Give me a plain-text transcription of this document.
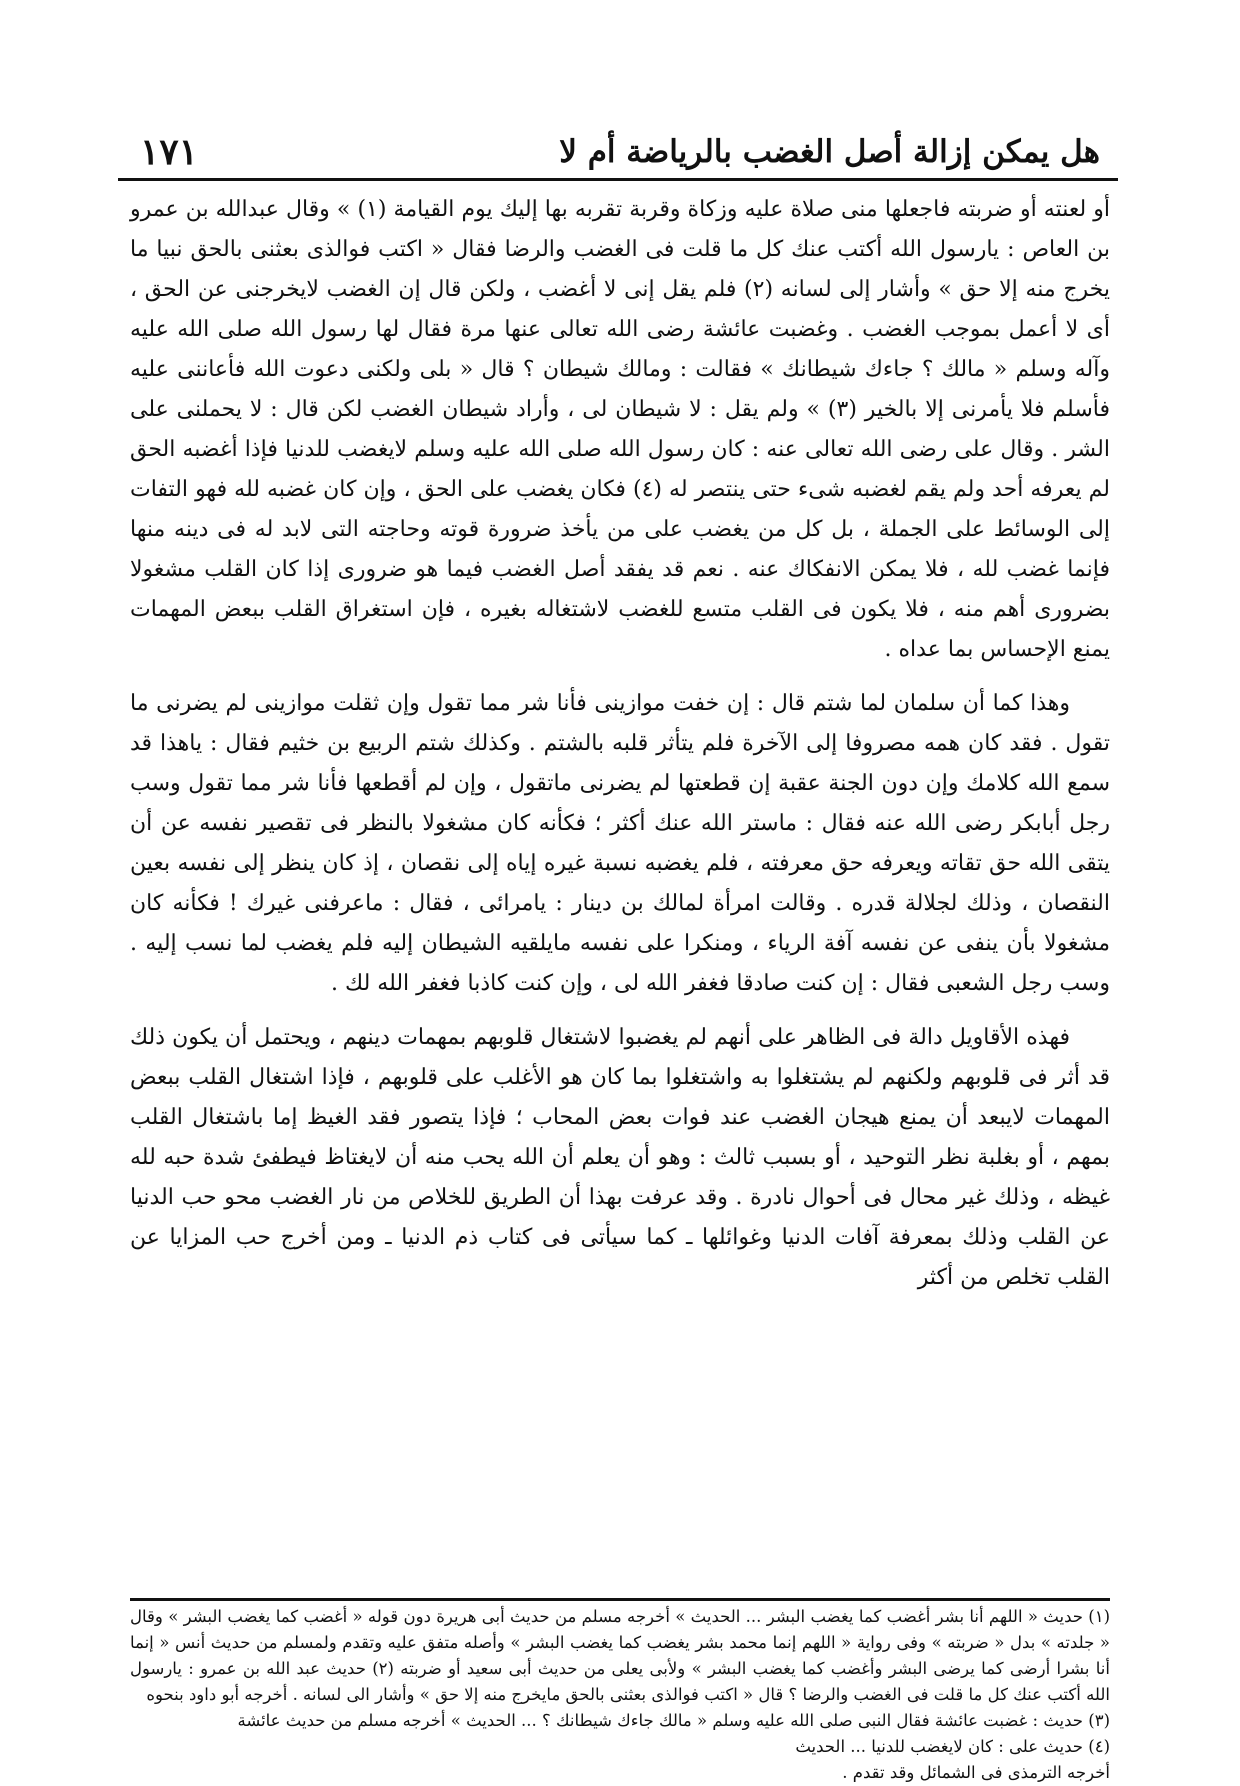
هل يمكن إزالة أصل الغضب بالرياضة أم لا
١٧١

أو لعنته أو ضربته فاجعلها منى صلاة عليه وزكاة وقربة تقربه بها إليك يوم القيامة (١) » وقال عبدالله بن عمرو بن العاص : يارسول الله أكتب عنك كل ما قلت فى الغضب والرضا فقال « اكتب فوالذى بعثنى بالحق نبيا ما يخرج منه إلا حق » وأشار إلى لسانه (٢) فلم يقل إنى لا أغضب ، ولكن قال إن الغضب لايخرجنى عن الحق ، أى لا أعمل بموجب الغضب . وغضبت عائشة رضى الله تعالى عنها مرة فقال لها رسول الله صلى الله عليه وآله وسلم « مالك ؟ جاءك شيطانك » فقالت : ومالك شيطان ؟ قال « بلى ولكنى دعوت الله فأعاننى عليه فأسلم فلا يأمرنى إلا بالخير (٣) » ولم يقل : لا شيطان لى ، وأراد شيطان الغضب لكن قال : لا يحملنى على الشر . وقال على رضى الله تعالى عنه : كان رسول الله صلى الله عليه وسلم لايغضب للدنيا فإذا أغضبه الحق لم يعرفه أحد ولم يقم لغضبه شىء حتى ينتصر له (٤) فكان يغضب على الحق ، وإن كان غضبه لله فهو التفات إلى الوسائط على الجملة ، بل كل من يغضب على من يأخذ ضرورة قوته وحاجته التى لابد له فى دينه منها فإنما غضب لله ، فلا يمكن الانفكاك عنه . نعم قد يفقد أصل الغضب فيما هو ضرورى إذا كان القلب مشغولا بضرورى أهم منه ، فلا يكون فى القلب متسع للغضب لاشتغاله بغيره ، فإن استغراق القلب ببعض المهمات يمنع الإحساس بما عداه .

وهذا كما أن سلمان لما شتم قال : إن خفت موازينى فأنا شر مما تقول وإن ثقلت موازينى لم يضرنى ما تقول . فقد كان همه مصروفا إلى الآخرة فلم يتأثر قلبه بالشتم . وكذلك شتم الربيع بن خثيم فقال : ياهذا قد سمع الله كلامك وإن دون الجنة عقبة إن قطعتها لم يضرنى ماتقول ، وإن لم أقطعها فأنا شر مما تقول وسب رجل أبابكر رضى الله عنه فقال : ماستر الله عنك أكثر ؛ فكأنه كان مشغولا بالنظر فى تقصير نفسه عن أن يتقى الله حق تقاته ويعرفه حق معرفته ، فلم يغضبه نسبة غيره إياه إلى نقصان ، إذ كان ينظر إلى نفسه بعين النقصان ، وذلك لجلالة قدره . وقالت امرأة لمالك بن دينار : يامرائى ، فقال : ماعرفنى غيرك ! فكأنه كان مشغولا بأن ينفى عن نفسه آفة الرياء ، ومنكرا على نفسه مايلقيه الشيطان إليه فلم يغضب لما نسب إليه . وسب رجل الشعبى فقال : إن كنت صادقا فغفر الله لى ، وإن كنت كاذبا فغفر الله لك .

فهذه الأقاويل دالة فى الظاهر على أنهم لم يغضبوا لاشتغال قلوبهم بمهمات دينهم ، ويحتمل أن يكون ذلك قد أثر فى قلوبهم ولكنهم لم يشتغلوا به واشتغلوا بما كان هو الأغلب على قلوبهم ، فإذا اشتغال القلب ببعض المهمات لايبعد أن يمنع هيجان الغضب عند فوات بعض المحاب ؛ فإذا يتصور فقد الغيظ إما باشتغال القلب بمهم ، أو بغلبة نظر التوحيد ، أو بسبب ثالث : وهو أن يعلم أن الله يحب منه أن لايغتاظ فيطفئ شدة حبه لله غيظه ، وذلك غير محال فى أحوال نادرة . وقد عرفت بهذا أن الطريق للخلاص من نار الغضب محو حب الدنيا عن القلب وذلك بمعرفة آفات الدنيا وغوائلها ـ كما سيأتى فى كتاب ذم الدنيا ـ ومن أخرج حب المزايا عن القلب تخلص من أكثر

(١) حديث « اللهم أنا بشر أغضب كما يغضب البشر ... الحديث » أخرجه مسلم من حديث أبى هريرة دون قوله « أغضب كما يغضب البشر » وقال « جلدته » بدل « ضربته » وفى رواية « اللهم إنما محمد بشر يغضب كما يغضب البشر » وأصله متفق عليه وتقدم ولمسلم من حديث أنس « إنما أنا بشرا أرضى كما يرضى البشر وأغضب كما يغضب البشر » ولأبى يعلى من حديث أبى سعيد أو ضربته (٢) حديث عبد الله بن عمرو : يارسول الله أكتب عنك كل ما قلت فى الغضب والرضا ؟ قال « اكتب فوالذى بعثنى بالحق مايخرج منه إلا حق » وأشار الى لسانه . أخرجه أبو داود بنحوه

(٣) حديث : غضبت عائشة فقال النبى صلى الله عليه وسلم « مالك جاءك شيطانك ؟ ... الحديث » أخرجه مسلم من حديث عائشة

(٤) حديث على : كان لايغضب للدنيا ... الحديث

أخرجه الترمذى فى الشمائل وقد تقدم .
